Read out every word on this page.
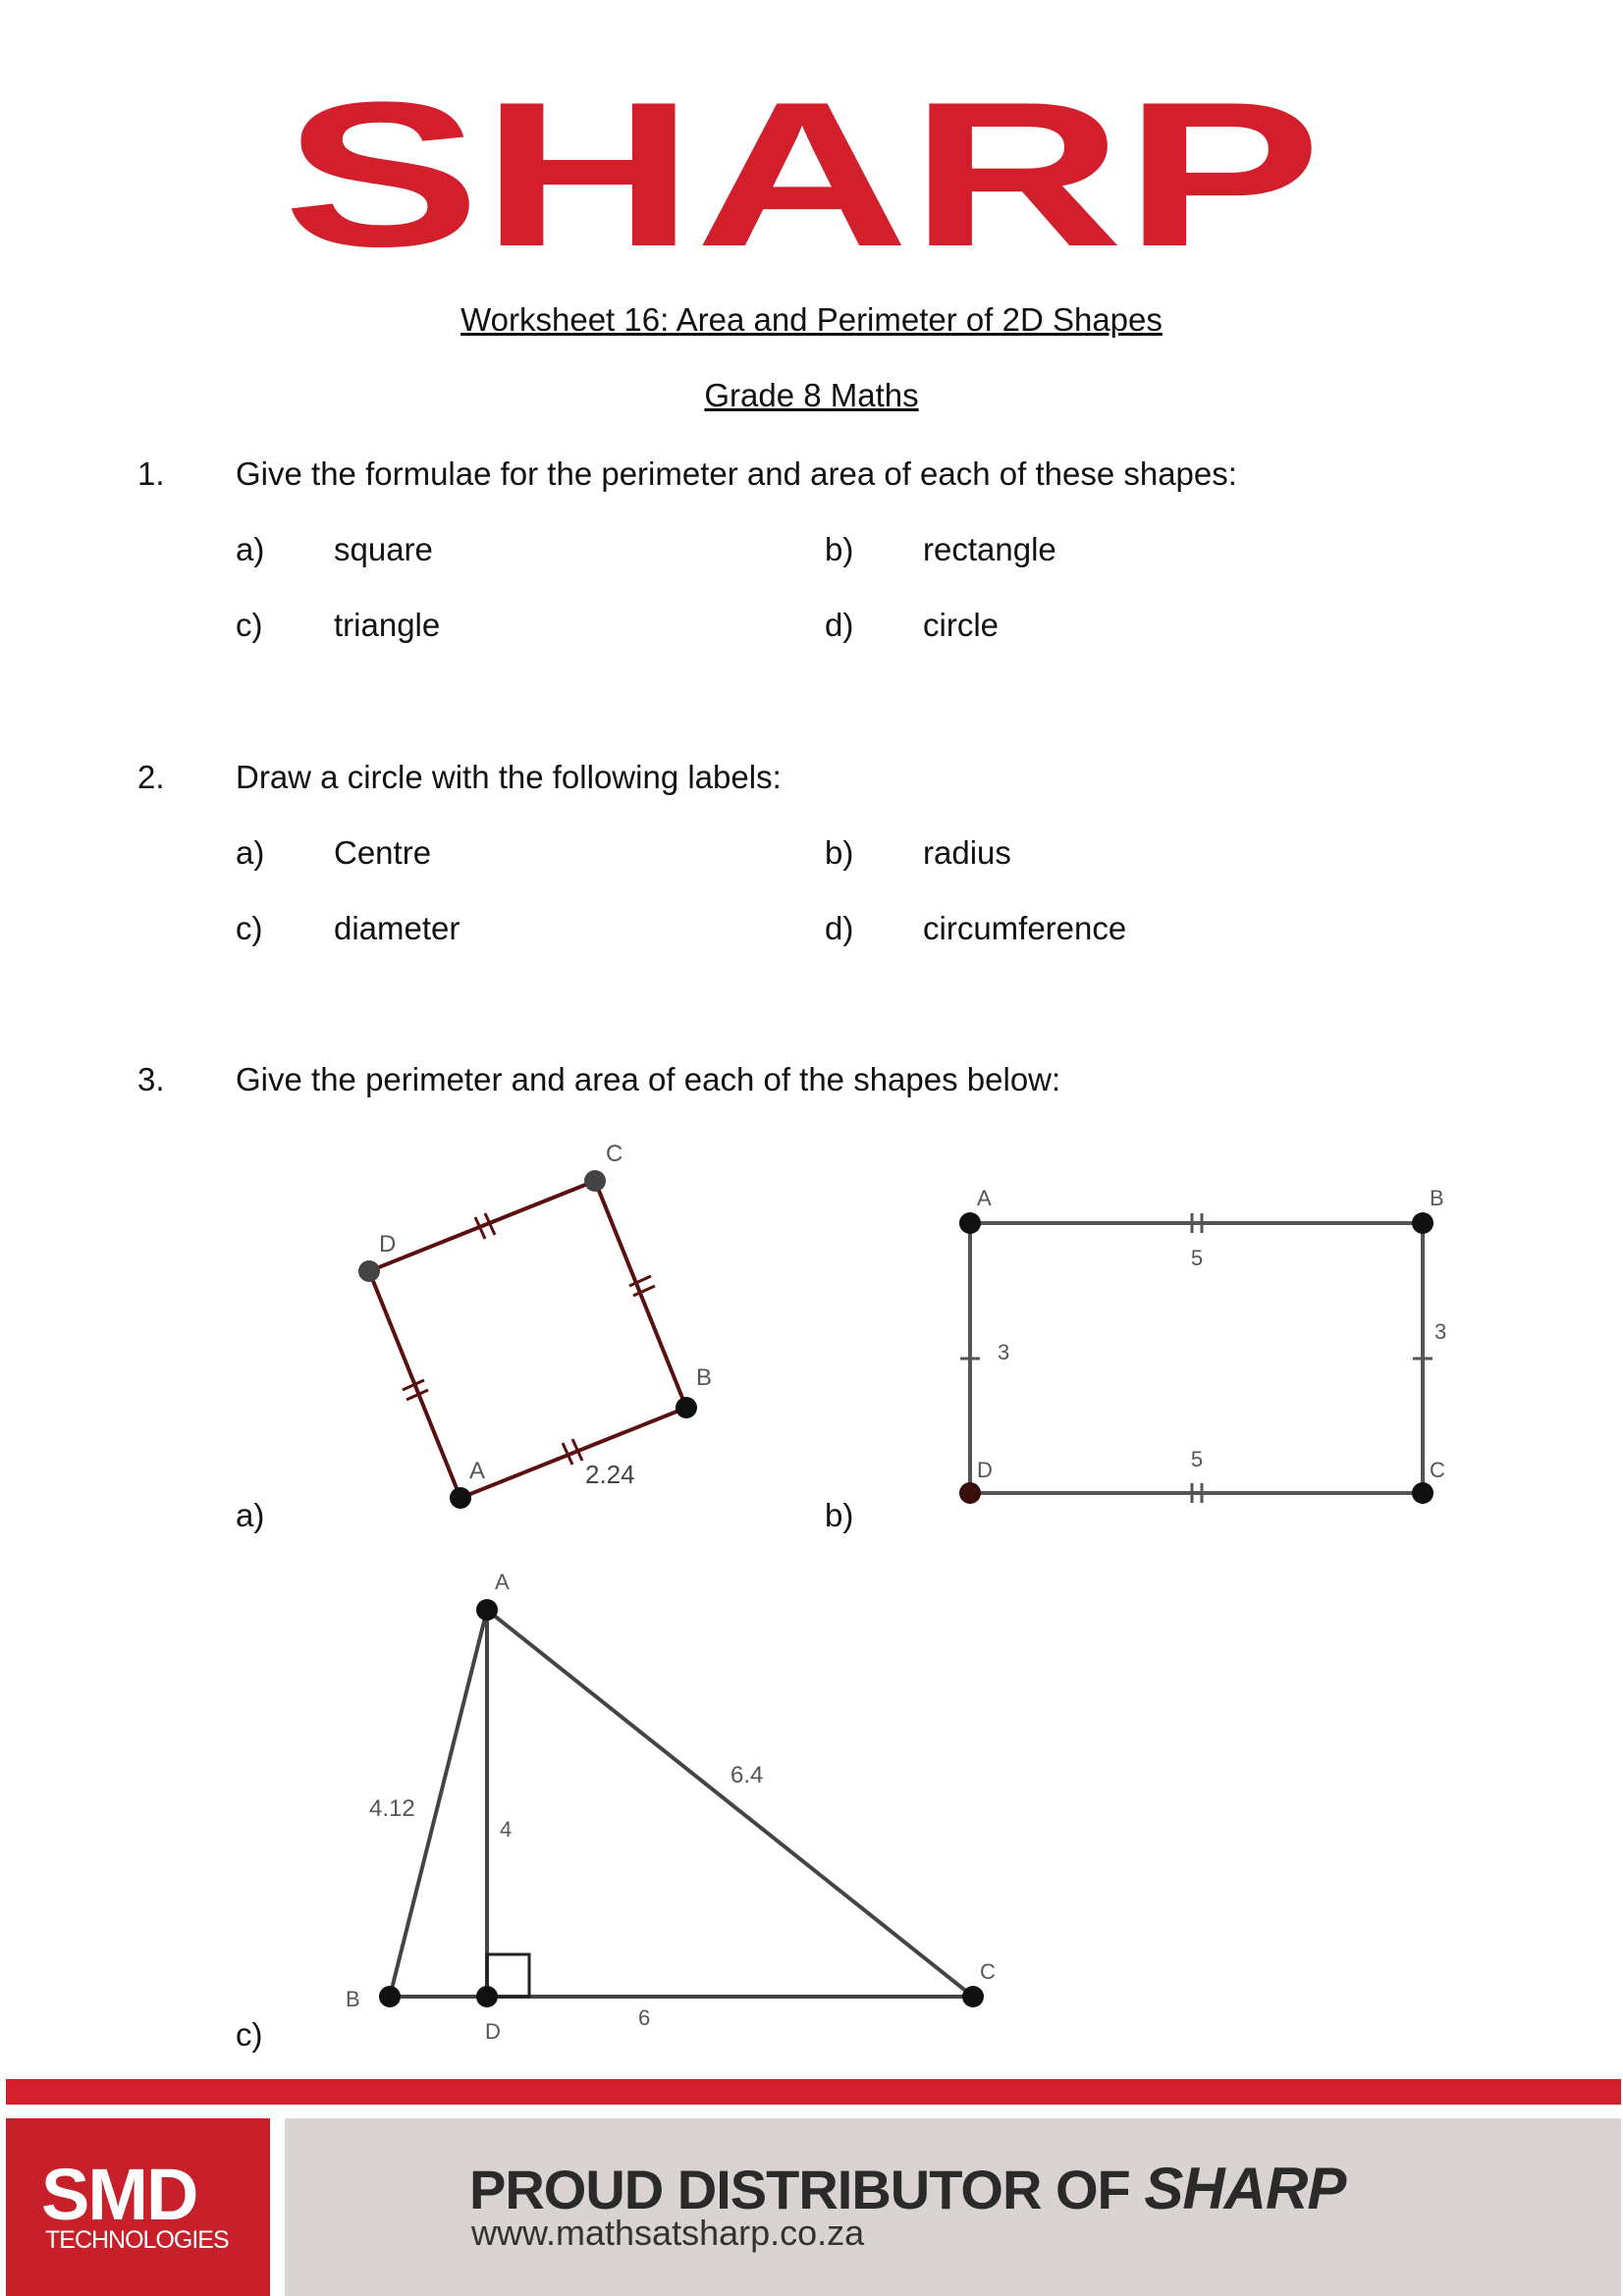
SHARP
Worksheet 16: Area and Perimeter of 2D Shapes
Grade 8 Maths
1. Give the formulae for the perimeter and area of each of these shapes:
a) square	b) rectangle
c) triangle	d) circle
2. Draw a circle with the following labels:
a) Centre	b) radius
c) diameter	d) circumference
3. Give the perimeter and area of each of the shapes below:
a)	b)
c)
D
C
B
A	2.24
A	B
C
D
5
5
3
3
A
B
C
D
4.12
6.4
4
6
SMD
TECHNOLOGIES
PROUD DISTRIBUTOR OF SHARP
www.mathsatsharp.co.za
